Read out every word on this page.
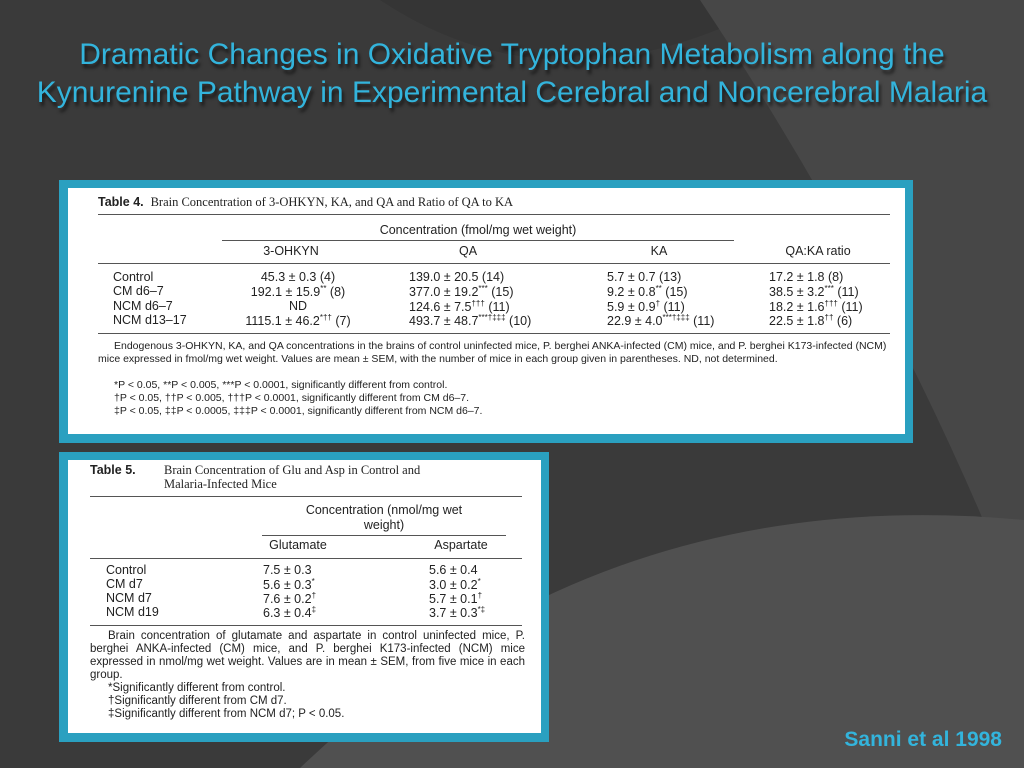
Dramatic Changes in Oxidative Tryptophan Metabolism along the Kynurenine Pathway in Experimental Cerebral and Noncerebral Malaria
Table 4. Brain Concentration of 3-OHKYN, KA, and QA and Ratio of QA to KA
Concentration (fmol/mg wet weight)
Endogenous 3-OHKYN, KA, and QA concentrations in the brains of control uninfected mice, P. berghei ANKA-infected (CM) mice, and P. berghei K173-infected (NCM) mice expressed in fmol/mg wet weight. Values are mean ± SEM, with the number of mice in each group given in parentheses. ND, not determined.
*P < 0.05, **P < 0.005, ***P < 0.0001, significantly different from control.
†P < 0.05, ††P < 0.005, †††P < 0.0001, significantly different from CM d6–7.
‡P < 0.05, ‡‡P < 0.0005, ‡‡‡P < 0.0001, significantly different from NCM d6–7.
3-OHKYN	QA	KA	QA:KA ratio
Control	45.3 ± 0.3 (4)	139.0 ± 20.5 (14)	5.7 ± 0.7 (13)	17.2 ± 1.8 (8)
CM d6–7	192.1 ± 15.9** (8)	377.0 ± 19.2*** (15)	9.2 ± 0.8** (15)	38.5 ± 3.2*** (11)
NCM d6–7	ND	124.6 ± 7.5††† (11)	5.9 ± 0.9† (11)	18.2 ± 1.6††† (11)
NCM d13–17	1115.1 ± 46.2*†† (7)	493.7 ± 48.7***†‡‡‡ (10)	22.9 ± 4.0***†‡‡‡ (11)	22.5 ± 1.8†† (6)
Table 5. Brain Concentration of Glu and Asp in Control and
Malaria-Infected Mice
Concentration (nmol/mg wet
weight)
Brain concentration of glutamate and aspartate in control uninfected mice, P. berghei ANKA-infected (CM) mice, and P. berghei K173-infected (NCM) mice expressed in nmol/mg wet weight. Values are in mean ± SEM, from five mice in each group.
*Significantly different from control.
†Significantly different from CM d7.
‡Significantly different from NCM d7; P < 0.05.
Glutamate	Aspartate
Control	7.5 ± 0.3	5.6 ± 0.4
CM d7	5.6 ± 0.3*	3.0 ± 0.2*
NCM d7	7.6 ± 0.2†	5.7 ± 0.1†
NCM d19	6.3 ± 0.4‡	3.7 ± 0.3*‡
Sanni et al 1998
